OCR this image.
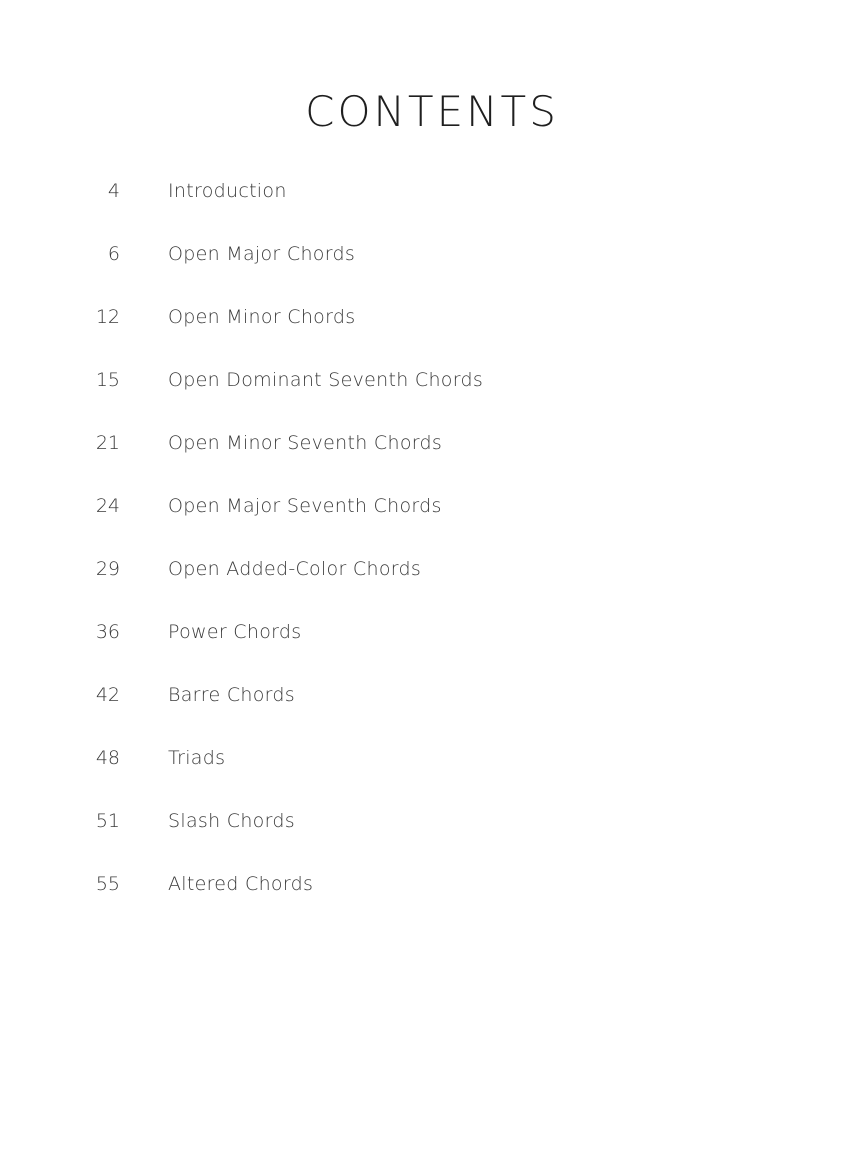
CONTENTS
4	Introduction
6	Open Major Chords
12	Open Minor Chords
15	Open Dominant Seventh Chords
21	Open Minor Seventh Chords
24	Open Major Seventh Chords
29	Open Added-Color Chords
36	Power Chords
42	Barre Chords
48	Triads
51	Slash Chords
55	Altered Chords
